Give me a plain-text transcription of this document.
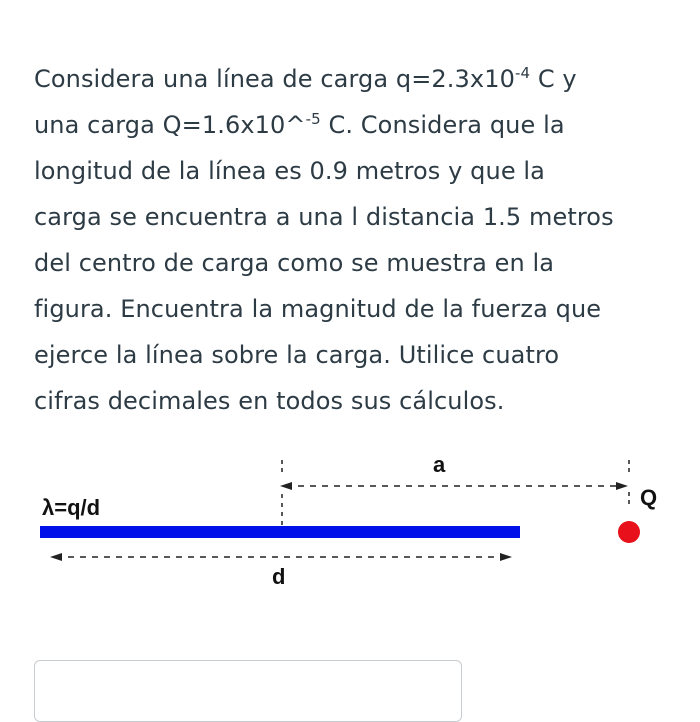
Considera una línea de carga $q=2.3x10^{-4}$ C y
una carga Q=1.6x10^$^{-5}$ C. Considera que la
longitud de la línea es 0.9 metros y que la
carga se encuentra a una l distancia 1.5 metros
del centro de carga como se muestra en la
figura. Encuentra la magnitud de la fuerza que
ejerce la línea sobre la carga. Utilice cuatro
cifras decimales en todos sus cálculos.
λ=q/d
a
Q
d
